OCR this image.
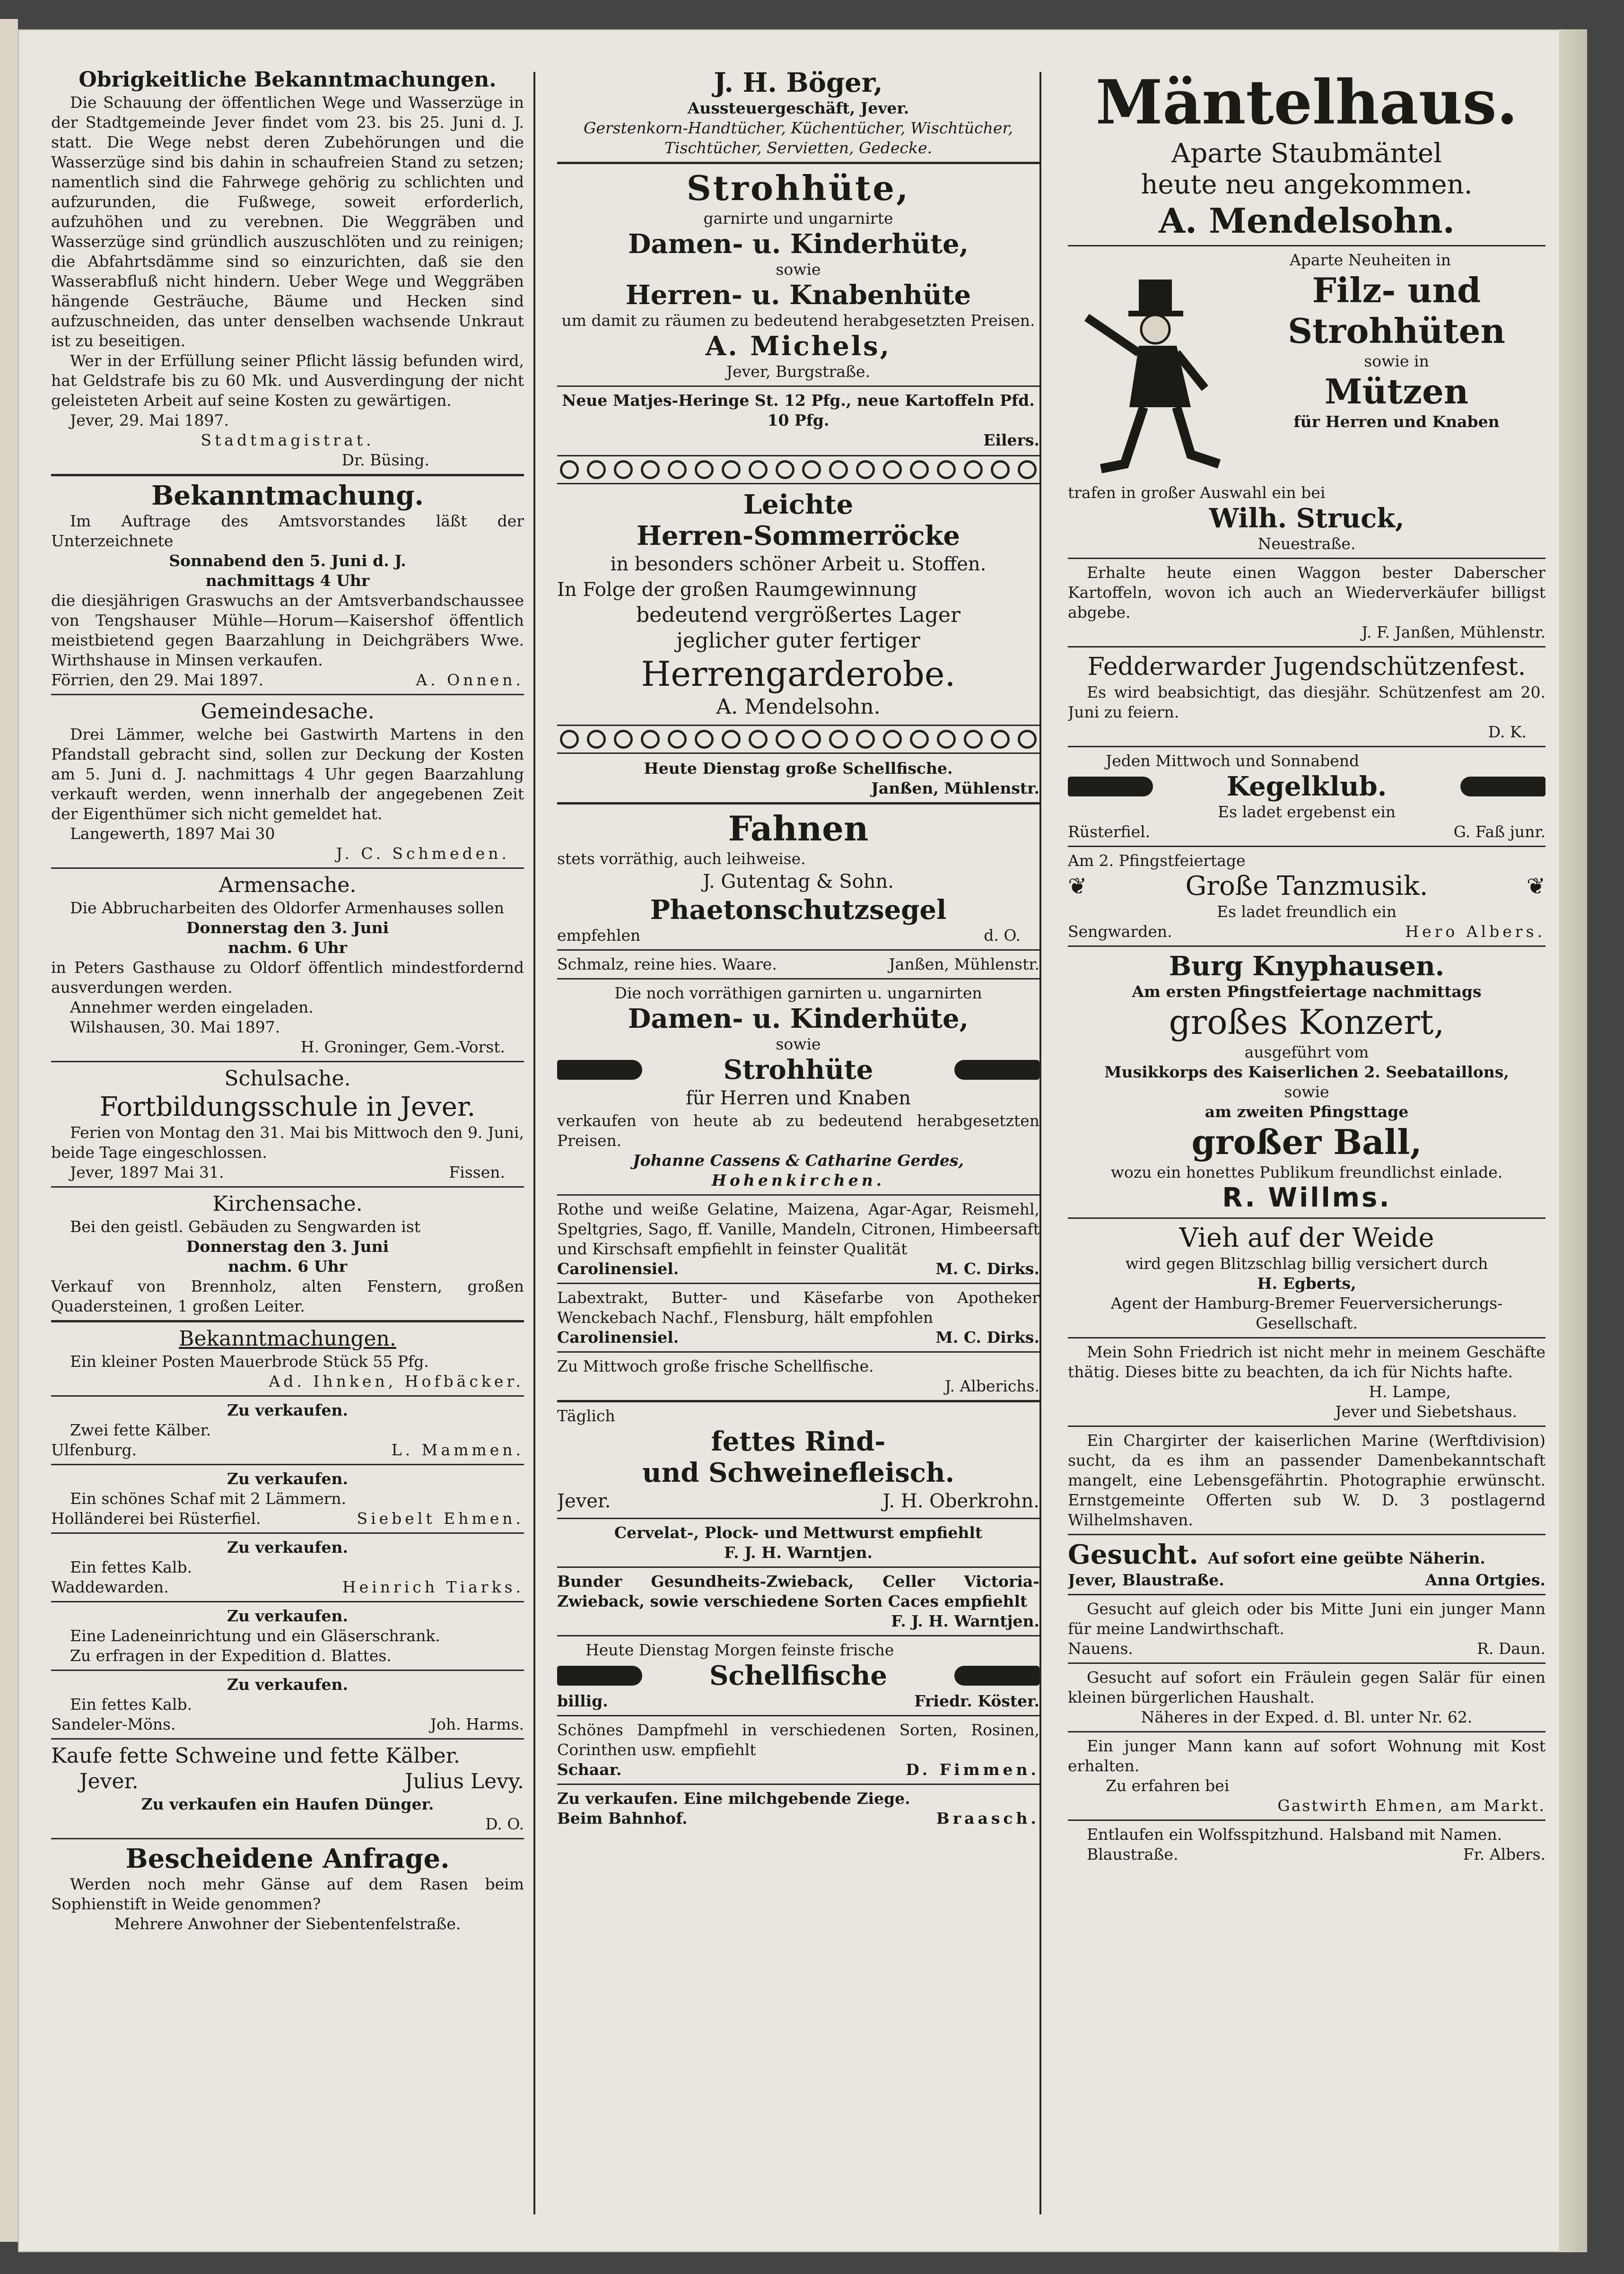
Obrigkeitliche Bekanntmachungen.

Die Schauung der öffentlichen Wege und Wasserzüge in der Stadtgemeinde Jever findet vom 23. bis 25. Juni d. J. statt. Die Wege nebst deren Zubehörungen und die Wasserzüge sind bis dahin in schaufreien Stand zu setzen; namentlich sind die Fahrwege gehörig zu schlichten und aufzurunden, die Fußwege, soweit erforderlich, aufzuhöhen und zu verebnen. Die Weggräben und Wasserzüge sind gründlich auszuschlöten und zu reinigen; die Abfahrtsdämme sind so einzurichten, daß sie den Wasserabfluß nicht hindern. Ueber Wege und Weggräben hängende Gesträuche, Bäume und Hecken sind aufzuschneiden, das unter denselben wachsende Unkraut ist zu beseitigen.

Wer in der Erfüllung seiner Pflicht lässig befunden wird, hat Geldstrafe bis zu 60 Mk. und Ausverdingung der nicht geleisteten Arbeit auf seine Kosten zu gewärtigen.

Jever, 29. Mai 1897.
Stadtmagistrat.
Dr. Büsing.
Bekanntmachung.

Im Auftrage des Amtsvorstandes läßt der Unterzeichnete

Sonnabend den 5. Juni d. J.
nachmittags 4 Uhr

die diesjährigen Graswuchs an der Amtsverbandschaussee von Tengshauser Mühle—Horum—Kaisershof öffentlich meistbietend gegen Baarzahlung in Deichgräbers Wwe. Wirthshause in Minsen verkaufen.

Förrien, den 29. Mai 1897.	A. Onnen.
Gemeindesache.

Drei Lämmer, welche bei Gastwirth Martens in den Pfandstall gebracht sind, sollen zur Deckung der Kosten am 5. Juni d. J. nachmittags 4 Uhr gegen Baarzahlung verkauft werden, wenn innerhalb der angegebenen Zeit der Eigenthümer sich nicht gemeldet hat.

Langewerth, 1897 Mai 30
J. C. Schmeden.
Armensache.

Die Abbrucharbeiten des Oldorfer Armenhauses sollen

Donnerstag den 3. Juni
nachm. 6 Uhr

in Peters Gasthause zu Oldorf öffentlich mindestfordernd ausverdungen werden.

Annehmer werden eingeladen.
Wilshausen, 30. Mai 1897.
H. Groninger, Gem.-Vorst.
Schulsache.
Fortbildungsschule in Jever.

Ferien von Montag den 31. Mai bis Mittwoch den 9. Juni, beide Tage eingeschlossen.

Jever, 1897 Mai 31.	Fissen.
Kirchensache.

Bei den geistl. Gebäuden zu Sengwarden ist

Donnerstag den 3. Juni
nachm. 6 Uhr

Verkauf von Brennholz, alten Fenstern, großen Quadersteinen, 1 großen Leiter.

Bekanntmachungen.
Ein kleiner Posten Mauerbrode Stück 55 Pfg.
Ad. Ihnken, Hofbäcker.
Zu verkaufen.
Zwei fette Kälber.
Ulfenburg.	L. Mammen.
Zu verkaufen.
Ein schönes Schaf mit 2 Lämmern.
Holländerei bei Rüsterfiel.	Siebelt Ehmen.
Zu verkaufen.
Ein fettes Kalb.
Waddewarden.	Heinrich Tiarks.
Zu verkaufen.
Eine Ladeneinrichtung und ein Gläserschrank.
Zu erfragen in der Expedition d. Blattes.
Zu verkaufen.
Ein fettes Kalb.
Sandeler-Möns.	Joh. Harms.
Kaufe fette Schweine und fette Kälber.
Jever.	Julius Levy.
Zu verkaufen ein Haufen Dünger.
D. O.
Bescheidene Anfrage.

Werden noch mehr Gänse auf dem Rasen beim Sophienstift in Weide genommen?

Mehrere Anwohner der Siebentenfelstraße.
J. H. Böger,
Aussteuergeschäft, Jever.
Gerstenkorn-Handtücher, Küchentücher, Wischtücher, Tischtücher, Servietten, Gedecke.
Strohhüte,
garnirte und ungarnirte
Damen- u. Kinderhüte,
sowie
Herren- u. Knabenhüte
um damit zu räumen zu bedeutend herabgesetzten Preisen.
A. Michels,
Jever, Burgstraße.
Neue Matjes-Heringe St. 12 Pfg., neue Kartoffeln Pfd. 10 Pfg.
Eilers.
Leichte
Herren-Sommerröcke
in besonders schöner Arbeit u. Stoffen.
In Folge der großen Raumgewinnung
bedeutend vergrößertes Lager
jeglicher guter fertiger
Herrengarderobe.
A. Mendelsohn.
Heute Dienstag große Schellfische.
Janßen, Mühlenstr.
Fahnen
stets vorräthig, auch leihweise.
J. Gutentag & Sohn.
Phaetonschutzsegel
empfehlen	d. O.
Schmalz, reine hies. Waare.	Janßen, Mühlenstr.
Die noch vorräthigen garnirten u. ungarnirten
Damen- u. Kinderhüte,
sowie
Strohhüte
für Herren und Knaben
verkaufen von heute ab zu bedeutend herabgesetzten Preisen.
Johanne Cassens & Catharine Gerdes,
Hohenkirchen.

Rothe und weiße Gelatine, Maizena, Agar-Agar, Reismehl, Speltgries, Sago, ff. Vanille, Mandeln, Citronen, Himbeersaft und Kirschsaft empfiehlt in feinster Qualität

Carolinensiel.	M. C. Dirks.

Labextrakt, Butter- und Käsefarbe von Apotheker Wenckebach Nachf., Flensburg, hält empfohlen

Carolinensiel.	M. C. Dirks.
Zu Mittwoch große frische Schellfische.
J. Alberichs.
Täglich
fettes Rind-
und Schweinefleisch.
Jever.	J. H. Oberkrohn.
Cervelat-, Plock- und Mettwurst empfiehlt
F. J. H. Warntjen.

Bunder Gesundheits-Zwieback, Celler Victoria-Zwieback, sowie verschiedene Sorten Caces empfiehlt

F. J. H. Warntjen.
Heute Dienstag Morgen feinste frische
Schellfische
billig.	Friedr. Köster.

Schönes Dampfmehl in verschiedenen Sorten, Rosinen, Corinthen usw. empfiehlt

Schaar.	D. Fimmen.
Zu verkaufen. Eine milchgebende Ziege.
Beim Bahnhof.	Braasch.
Mäntelhaus.
Aparte Staubmäntel
heute neu angekommen.
A. Mendelsohn.
Aparte Neuheiten in
Filz- und
Strohhüten
sowie in
Mützen
für Herren und Knaben
trafen in großer Auswahl ein bei
Wilh. Struck,
Neuestraße.

Erhalte heute einen Waggon bester Daberscher Kartoffeln, wovon ich auch an Wiederverkäufer billigst abgebe.

J. F. Janßen, Mühlenstr.
Fedderwarder Jugendschützenfest.

Es wird beabsichtigt, das diesjähr. Schützenfest am 20. Juni zu feiern.

D. K.
Jeden Mittwoch und Sonnabend
Kegelklub.
Es ladet ergebenst ein
Rüsterfiel.	G. Faß junr.
Am 2. Pfingstfeiertage
❦	Große Tanzmusik.	❦
Es ladet freundlich ein
Sengwarden.	Hero Albers.
Burg Knyphausen.
Am ersten Pfingstfeiertage nachmittags
großes Konzert,
ausgeführt vom
Musikkorps des Kaiserlichen 2. Seebataillons,
sowie
am zweiten Pfingsttage
großer Ball,
wozu ein honettes Publikum freundlichst einlade.
R. Willms.
Vieh auf der Weide
wird gegen Blitzschlag billig versichert durch
H. Egberts,
Agent der Hamburg-Bremer Feuerversicherungs-Gesellschaft.

Mein Sohn Friedrich ist nicht mehr in meinem Geschäfte thätig. Dieses bitte zu beachten, da ich für Nichts hafte.

H. Lampe,
Jever und Siebetshaus.

Ein Chargirter der kaiserlichen Marine (Werftdivision) sucht, da es ihm an passender Damenbekanntschaft mangelt, eine Lebensgefährtin. Photographie erwünscht. Ernstgemeinte Offerten sub W. D. 3 postlagernd Wilhelmshaven.

Gesucht. Auf sofort eine geübte Näherin.
Jever, Blaustraße.	Anna Ortgies.

Gesucht auf gleich oder bis Mitte Juni ein junger Mann für meine Landwirthschaft.

Nauens.	R. Daun.

Gesucht auf sofort ein Fräulein gegen Salär für einen kleinen bürgerlichen Haushalt.

Näheres in der Exped. d. Bl. unter Nr. 62.

Ein junger Mann kann auf sofort Wohnung mit Kost erhalten.

Zu erfahren bei
Gastwirth Ehmen, am Markt.

Entlaufen ein Wolfsspitzhund. Halsband mit Namen.

Blaustraße.	Fr. Albers.
